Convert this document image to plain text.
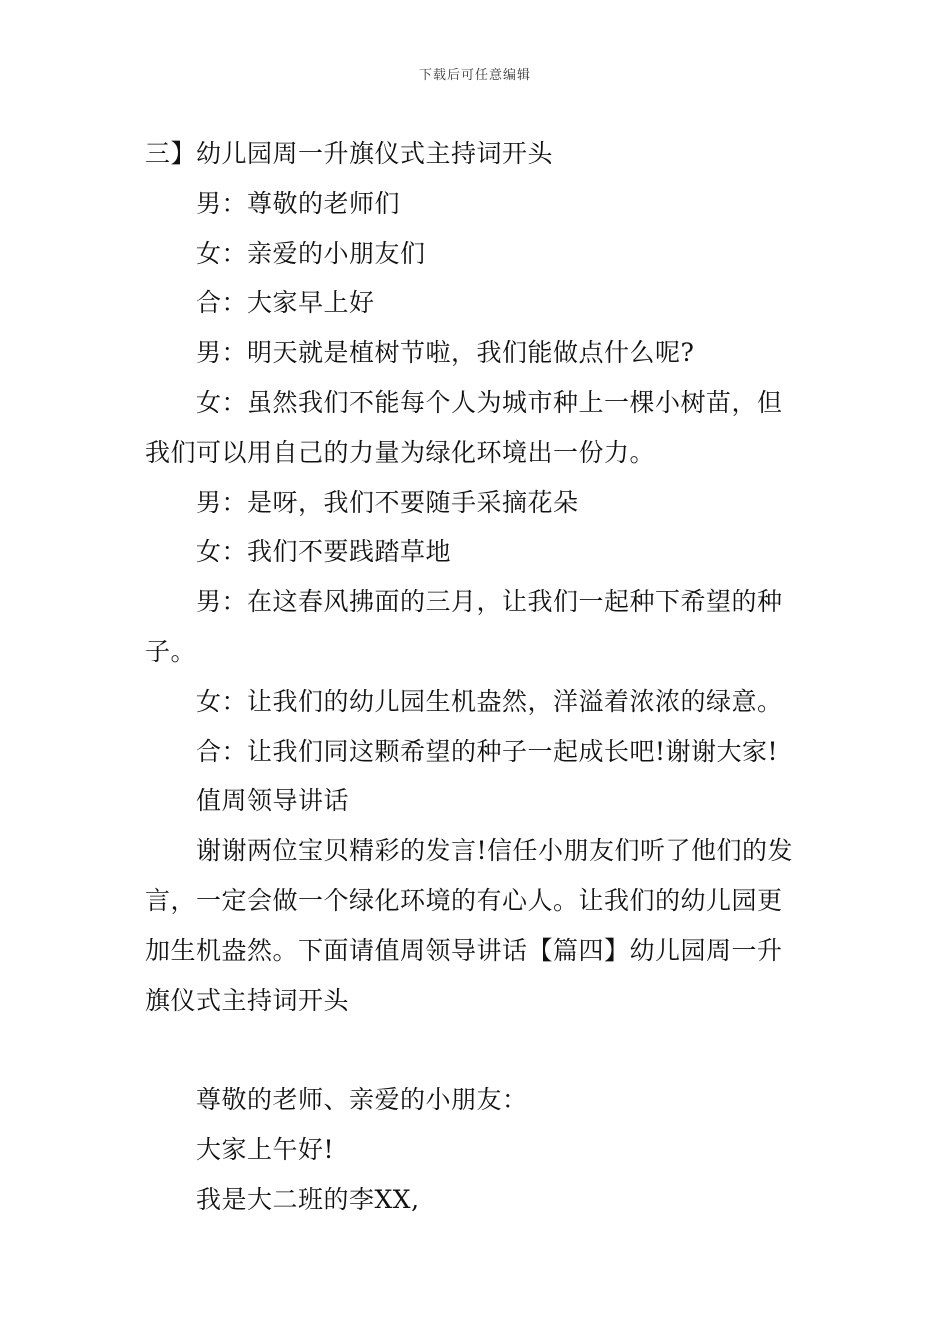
下载后可任意编辑
三】幼儿园周一升旗仪式主持词开头
男：尊敬的老师们
女：亲爱的小朋友们
合：大家早上好
男：明天就是植树节啦，我们能做点什么呢?
女：虽然我们不能每个人为城市种上一棵小树苗，但
我们可以用自己的力量为绿化环境出一份力。
男：是呀，我们不要随手采摘花朵
女：我们不要践踏草地
男：在这春风拂面的三月，让我们一起种下希望的种
子。
女：让我们的幼儿园生机盎然，洋溢着浓浓的绿意。
合：让我们同这颗希望的种子一起成长吧!谢谢大家!
值周领导讲话
谢谢两位宝贝精彩的发言!信任小朋友们听了他们的发
言，一定会做一个绿化环境的有心人。让我们的幼儿园更
加生机盎然。下面请值周领导讲话【篇四】幼儿园周一升
旗仪式主持词开头
尊敬的老师、亲爱的小朋友：
大家上午好!
我是大二班的李XX,
